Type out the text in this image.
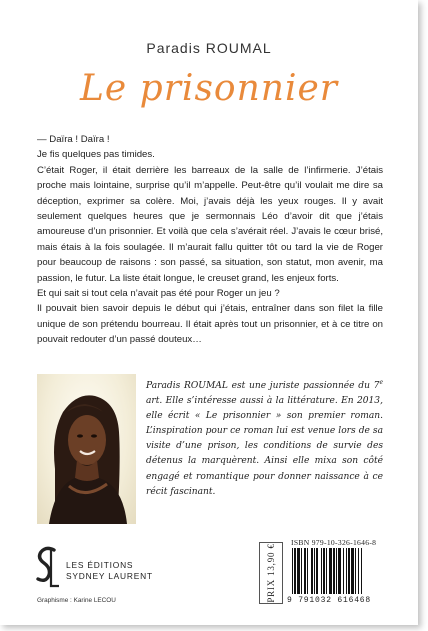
Paradis ROUMAL
Le prisonnier

— Daïra ! Daïra !

Je fis quelques pas timides.

C’était Roger, il était derrière les barreaux de la salle de l’infirmerie. J’étais proche mais lointaine, surprise qu’il m’appelle. Peut-être qu’il voulait me dire sa déception, exprimer sa colère. Moi, j’avais déjà les yeux rouges. Il y avait seulement quelques heures que je sermonnais Léo d’avoir dit que j’étais amoureuse d’un prisonnier. Et voilà que cela s’avérait réel. J’avais le cœur brisé, mais étais à la fois soulagée. Il m’aurait fallu quitter tôt ou tard la vie de Roger pour beaucoup de raisons : son passé, sa situation, son statut, mon avenir, ma passion, le futur. La liste était longue, le creuset grand, les enjeux forts.

Et qui sait si tout cela n’avait pas été pour Roger un jeu ?

Il pouvait bien savoir depuis le début qui j’étais, entraîner dans son filet la fille unique de son prétendu bourreau. Il était après tout un prisonnier, et à ce titre on pouvait redouter d’un passé douteux…

Paradis ROUMAL est une juriste passionnée du 7e art. Elle s’intéresse aussi à la littérature. En 2013, elle écrit « Le prisonnier » son premier roman. L’inspiration pour ce roman lui est venue lors de sa visite d’une prison, les conditions de survie des détenus la marquèrent. Ainsi elle mixa son côté engagé et romantique pour donner naissance à ce récit fascinant.
LES ÉDITIONS
SYDNEY LAURENT
Graphisme : Karine LECOU	PRIX 13,90 €
ISBN 979-10-326-1646-8
9 791032 616468
